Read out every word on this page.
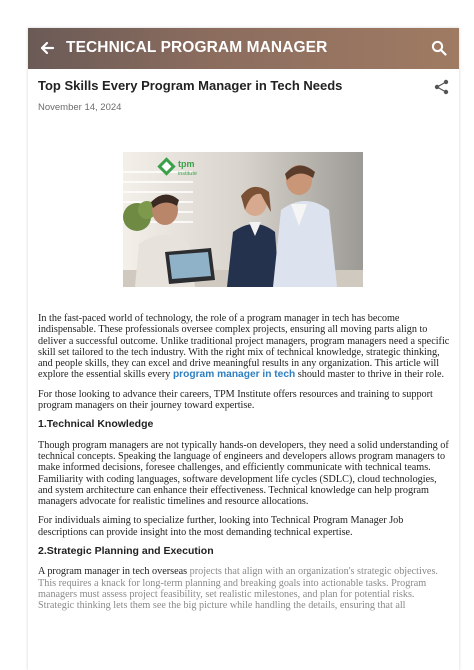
TECHNICAL PROGRAM MANAGER
Top Skills Every Program Manager in Tech Needs
November 14, 2024
tpm
institute

In the fast-paced world of technology, the role of a program manager in tech has become indispensable. These professionals oversee complex projects, ensuring all moving parts align to deliver a successful outcome. Unlike traditional project managers, program managers need a specific skill set tailored to the tech industry. With the right mix of technical knowledge, strategic thinking, and people skills, they can excel and drive meaningful results in any organization. This article will explore the essential skills every program manager in tech should master to thrive in their role.

For those looking to advance their careers, TPM Institute offers resources and training to support program managers on their journey toward expertise.

1.Technical Knowledge

Though program managers are not typically hands-on developers, they need a solid understanding of technical concepts. Speaking the language of engineers and developers allows program managers to make informed decisions, foresee challenges, and efficiently communicate with technical teams. Familiarity with coding languages, software development life cycles (SDLC), cloud technologies, and system architecture can enhance their effectiveness. Technical knowledge can help program managers advocate for realistic timelines and resource allocations.

For individuals aiming to specialize further, looking into Technical Program Manager Job descriptions can provide insight into the most demanding technical expertise.

2.Strategic Planning and Execution

A program manager in tech overseas projects that align with an organization's strategic objectives. This requires a knack for long-term planning and breaking goals into actionable tasks. Program managers must assess project feasibility, set realistic milestones, and plan for potential risks. Strategic thinking lets them see the big picture while handling the details, ensuring that all
